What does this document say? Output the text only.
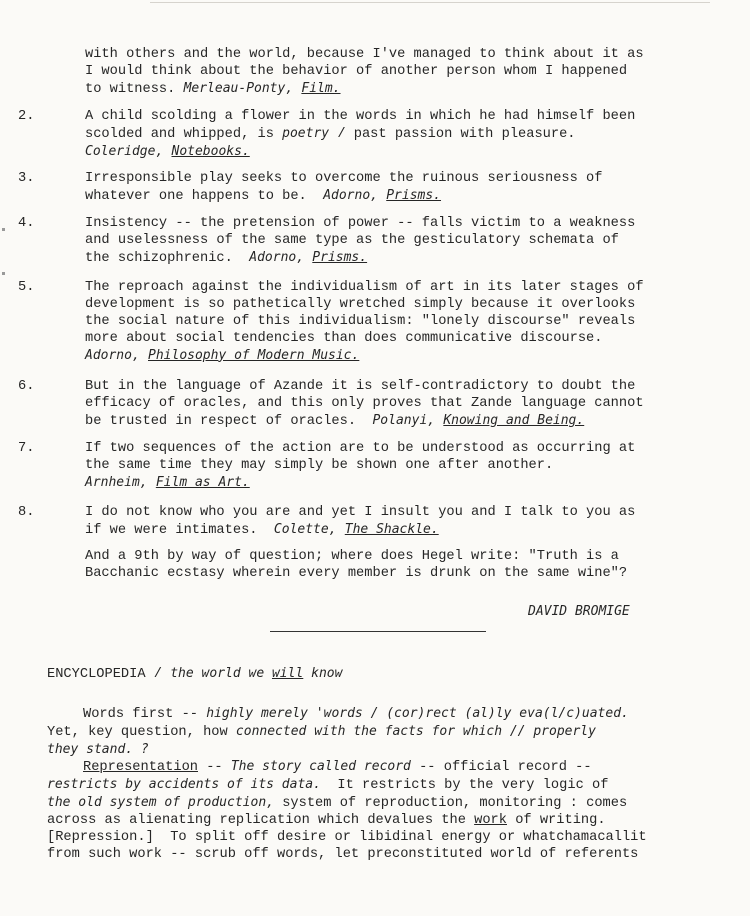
with others and the world, because I've managed to think about it as
I would think about the behavior of another person whom I happened
to witness. Merleau-Ponty, Film.
2.	A child scolding a flower in the words in which he had himself been
scolded and whipped, is poetry / past passion with pleasure.
Coleridge, Notebooks.
3.	Irresponsible play seeks to overcome the ruinous seriousness of
whatever one happens to be.  Adorno, Prisms.
4.	Insistency -- the pretension of power -- falls victim to a weakness
and uselessness of the same type as the gesticulatory schemata of
the schizophrenic.  Adorno, Prisms.
5.	The reproach against the individualism of art in its later stages of
development is so pathetically wretched simply because it overlooks
the social nature of this individualism: "lonely discourse" reveals
more about social tendencies than does communicative discourse.
Adorno, Philosophy of Modern Music.
6.	But in the language of Azande it is self-contradictory to doubt the
efficacy of oracles, and this only proves that Zande language cannot
be trusted in respect of oracles.  Polanyi, Knowing and Being.
7.	If two sequences of the action are to be understood as occurring at
the same time they may simply be shown one after another.
Arnheim, Film as Art.
8.	I do not know who you are and yet I insult you and I talk to you as
if we were intimates.  Colette, The Shackle.
And a 9th by way of question; where does Hegel write: "Truth is a
Bacchanic ecstasy wherein every member is drunk on the same wine"?
DAVID BROMIGE
ENCYCLOPEDIA / the world we will know
Words first -- highly merely 'words / (cor)rect (al)ly eva(l/c)uated.
Yet, key question, how connected with the facts for which // properly
they stand. ?
Representation -- The story called record -- official record --
restricts by accidents of its data.  It restricts by the very logic of
the old system of production, system of reproduction, monitoring : comes
across as alienating replication which devalues the work of writing.
[Repression.]  To split off desire or libidinal energy or whatchamacallit
from such work -- scrub off words, let preconstituted world of referents
